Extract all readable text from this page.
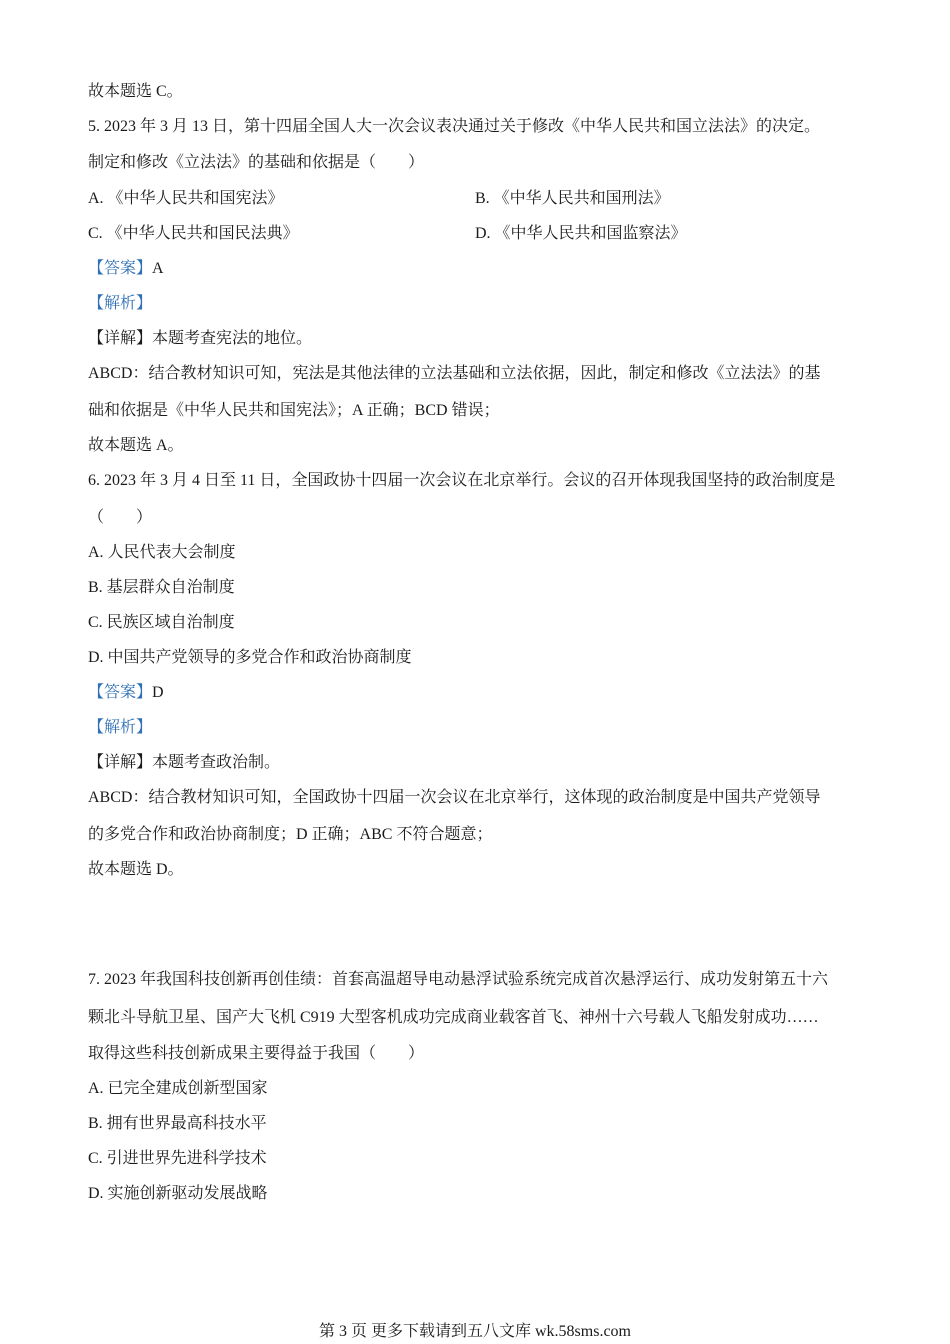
故本题选 C。
5. 2023 年 3 月 13 日，第十四届全国人大一次会议表决通过关于修改《中华人民共和国立法法》的决定。
制定和修改《立法法》的基础和依据是（　　）
A. 《中华人民共和国宪法》	B. 《中华人民共和国刑法》
C. 《中华人民共和国民法典》	D. 《中华人民共和国监察法》
【答案】A
【解析】
【详解】本题考查宪法的地位。
ABCD：结合教材知识可知，宪法是其他法律的立法基础和立法依据，因此，制定和修改《立法法》的基
础和依据是《中华人民共和国宪法》；A 正确；BCD 错误；
故本题选 A。
6. 2023 年 3 月 4 日至 11 日，全国政协十四届一次会议在北京举行。会议的召开体现我国坚持的政治制度是
（　　）
A. 人民代表大会制度
B. 基层群众自治制度
C. 民族区域自治制度
D. 中国共产党领导的多党合作和政治协商制度
【答案】D
【解析】
【详解】本题考查政治制。
ABCD：结合教材知识可知，全国政协十四届一次会议在北京举行，这体现的政治制度是中国共产党领导
的多党合作和政治协商制度；D 正确；ABC 不符合题意；
故本题选 D。
7. 2023 年我国科技创新再创佳绩：首套高温超导电动悬浮试验系统完成首次悬浮运行、成功发射第五十六
颗北斗导航卫星、国产大飞机 C919 大型客机成功完成商业载客首飞、神州十六号载人飞船发射成功……
取得这些科技创新成果主要得益于我国（　　）
A. 已完全建成创新型国家
B. 拥有世界最高科技水平
C. 引进世界先进科学技术
D. 实施创新驱动发展战略
第 3 页 更多下载请到五八文库 wk.58sms.com
